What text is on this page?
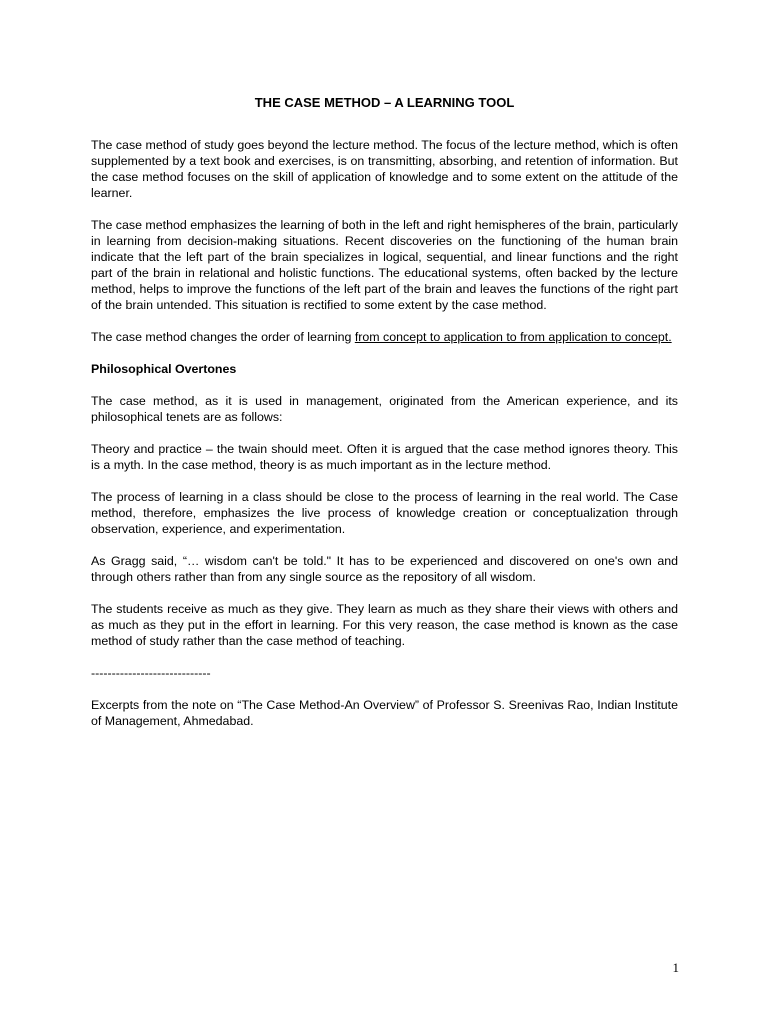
THE CASE METHOD – A LEARNING TOOL

The case method of study goes beyond the lecture method. The focus of the lecture method, which is often supplemented by a text book and exercises, is on transmitting, absorbing, and retention of information. But the case method focuses on the skill of application of knowledge and to some extent on the attitude of the learner.

The case method emphasizes the learning of both in the left and right hemispheres of the brain, particularly in learning from decision-making situations. Recent discoveries on the functioning of the human brain indicate that the left part of the brain specializes in logical, sequential, and linear functions and the right part of the brain in relational and holistic functions. The educational systems, often backed by the lecture method, helps to improve the functions of the left part of the brain and leaves the functions of the right part of the brain untended. This situation is rectified to some extent by the case method.

The case method changes the order of learning from concept to application to from application to concept.

Philosophical Overtones

The case method, as it is used in management, originated from the American experience, and its philosophical tenets are as follows:

Theory and practice – the twain should meet. Often it is argued that the case method ignores theory. This is a myth. In the case method, theory is as much important as in the lecture method.

The process of learning in a class should be close to the process of learning in the real world. The Case method, therefore, emphasizes the live process of knowledge creation or conceptualization through observation, experience, and experimentation.

As Gragg said, “… wisdom can't be told." It has to be experienced and discovered on one's own and through others rather than from any single source as the repository of all wisdom.

The students receive as much as they give. They learn as much as they share their views with others and as much as they put in the effort in learning. For this very reason, the case method is known as the case method of study rather than the case method of teaching.

-----------------------------

Excerpts from the note on “The Case Method-An Overview” of Professor S. Sreenivas Rao, Indian Institute of Management, Ahmedabad.

1
